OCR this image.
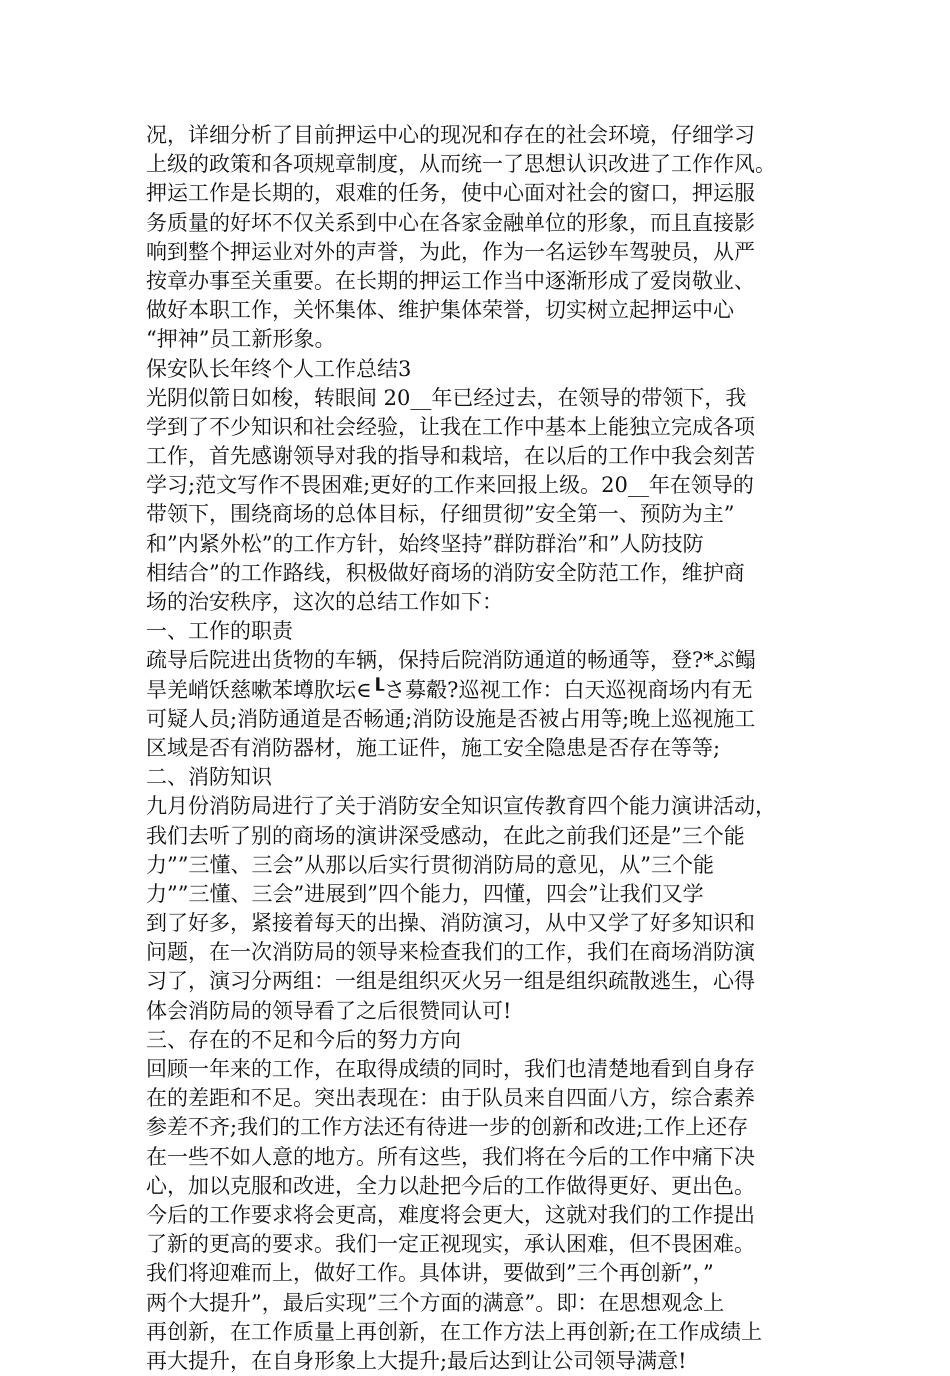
况，详细分析了目前押运中心的现况和存在的社会环境，仔细学习
上级的政策和各项规章制度，从而统一了思想认识改进了工作作风。
押运工作是长期的，艰难的任务，使中心面对社会的窗口，押运服
务质量的好坏不仅关系到中心在各家金融单位的形象，而且直接影
响到整个押运业对外的声誉，为此，作为一名运钞车驾驶员，从严
按章办事至关重要。在长期的押运工作当中逐渐形成了爱岗敬业、
做好本职工作，关怀集体、维护集体荣誉，切实树立起押运中心
“押神”员工新形象。
保安队长年终个人工作总结3
光阴似箭日如梭，转眼间 20__年已经过去，在领导的带领下，我
学到了不少知识和社会经验，让我在工作中基本上能独立完成各项
工作，首先感谢领导对我的指导和栽培，在以后的工作中我会刻苦
学习;范文写作不畏困难;更好的工作来回报上级。20__年在领导的
带领下，围绕商场的总体目标，仔细贯彻”安全第一、预防为主”
和”内紧外松”的工作方针，始终坚持”群防群治”和”人防技防
相结合”的工作路线，积极做好商场的消防安全防范工作，维护商
场的治安秩序，这次的总结工作如下：
一、工作的职责
疏导后院进出货物的车辆，保持后院消防通道的畅通等，登?*ぶ鳎
旱羌峭饫慈嗽苯壿肷坛∈┖さ募觳?巡视工作：白天巡视商场内有无
可疑人员;消防通道是否畅通;消防设施是否被占用等;晚上巡视施工
区域是否有消防器材，施工证件，施工安全隐患是否存在等等;
二、消防知识
九月份消防局进行了关于消防安全知识宣传教育四个能力演讲活动，
我们去听了别的商场的演讲深受感动，在此之前我们还是”三个能
力””三懂、三会”从那以后实行贯彻消防局的意见，从”三个能
力””三懂、三会”进展到”四个能力，四懂，四会”让我们又学
到了好多，紧接着每天的出操、消防演习，从中又学了好多知识和
问题，在一次消防局的领导来检查我们的工作，我们在商场消防演
习了，演习分两组：一组是组织灭火另一组是组织疏散逃生，心得
体会消防局的领导看了之后很赞同认可!
三、存在的不足和今后的努力方向
回顾一年来的工作，在取得成绩的同时，我们也清楚地看到自身存
在的差距和不足。突出表现在：由于队员来自四面八方，综合素养
参差不齐;我们的工作方法还有待进一步的创新和改进;工作上还存
在一些不如人意的地方。所有这些，我们将在今后的工作中痛下决
心，加以克服和改进，全力以赴把今后的工作做得更好、更出色。
今后的工作要求将会更高，难度将会更大，这就对我们的工作提出
了新的更高的要求。我们一定正视现实，承认困难，但不畏困难。
我们将迎难而上，做好工作。具体讲，要做到”三个再创新”，”
两个大提升”，最后实现”三个方面的满意”。即：在思想观念上
再创新，在工作质量上再创新，在工作方法上再创新;在工作成绩上
再大提升，在自身形象上大提升;最后达到让公司领导满意!
